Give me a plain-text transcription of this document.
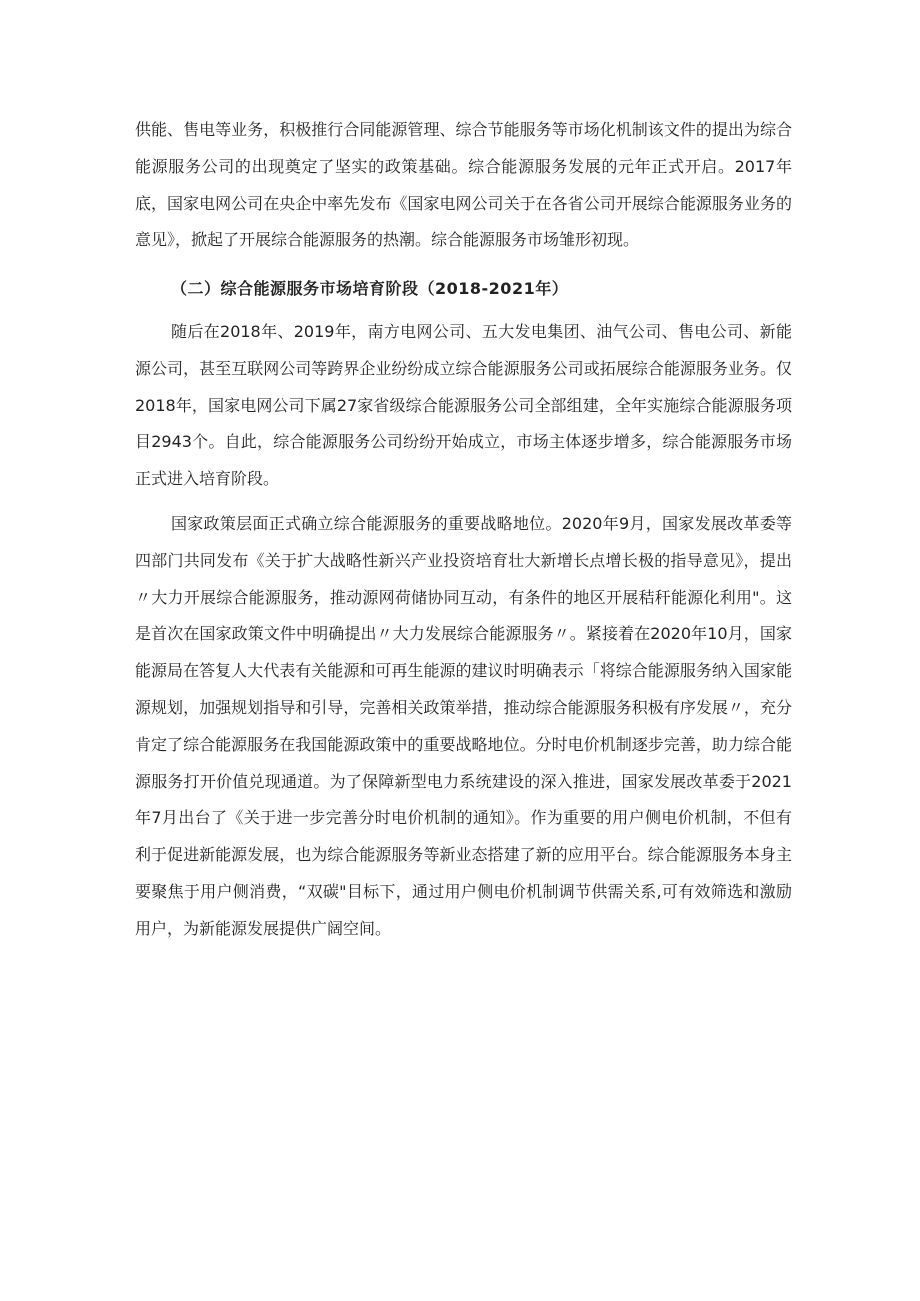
供能、售电等业务，积极推行合同能源管理、综合节能服务等市场化机制该文件的提出为综合能源服务公司的出现奠定了坚实的政策基础。综合能源服务发展的元年正式开启。2017年底，国家电网公司在央企中率先发布《国家电网公司关于在各省公司开展综合能源服务业务的意见》，掀起了开展综合能源服务的热潮。综合能源服务市场雏形初现。

（二）综合能源服务市场培育阶段（2018-2021年）

随后在2018年、2019年，南方电网公司、五大发电集团、油气公司、售电公司、新能源公司，甚至互联网公司等跨界企业纷纷成立综合能源服务公司或拓展综合能源服务业务。仅2018年，国家电网公司下属27家省级综合能源服务公司全部组建，全年实施综合能源服务项目2943个。自此，综合能源服务公司纷纷开始成立，市场主体逐步增多，综合能源服务市场正式进入培育阶段。

国家政策层面正式确立综合能源服务的重要战略地位。2020年9月，国家发展改革委等四部门共同发布《关于扩大战略性新兴产业投资培育壮大新增长点增长极的指导意见》，提出〃大力开展综合能源服务，推动源网荷储协同互动，有条件的地区开展秸秆能源化利用"。这是首次在国家政策文件中明确提出〃大力发展综合能源服务〃。紧接着在2020年10月，国家能源局在答复人大代表有关能源和可再生能源的建议时明确表示「将综合能源服务纳入国家能源规划，加强规划指导和引导，完善相关政策举措，推动综合能源服务积极有序发展〃，充分肯定了综合能源服务在我国能源政策中的重要战略地位。分时电价机制逐步完善，助力综合能源服务打开价值兑现通道。为了保障新型电力系统建设的深入推进，国家发展改革委于2021年7月出台了《关于进一步完善分时电价机制的通知》。作为重要的用户侧电价机制，不但有利于促进新能源发展，也为综合能源服务等新业态搭建了新的应用平台。综合能源服务本身主要聚焦于用户侧消费，“双碳"目标下，通过用户侧电价机制调节供需关系,可有效筛选和激励用户，为新能源发展提供广阔空间。
